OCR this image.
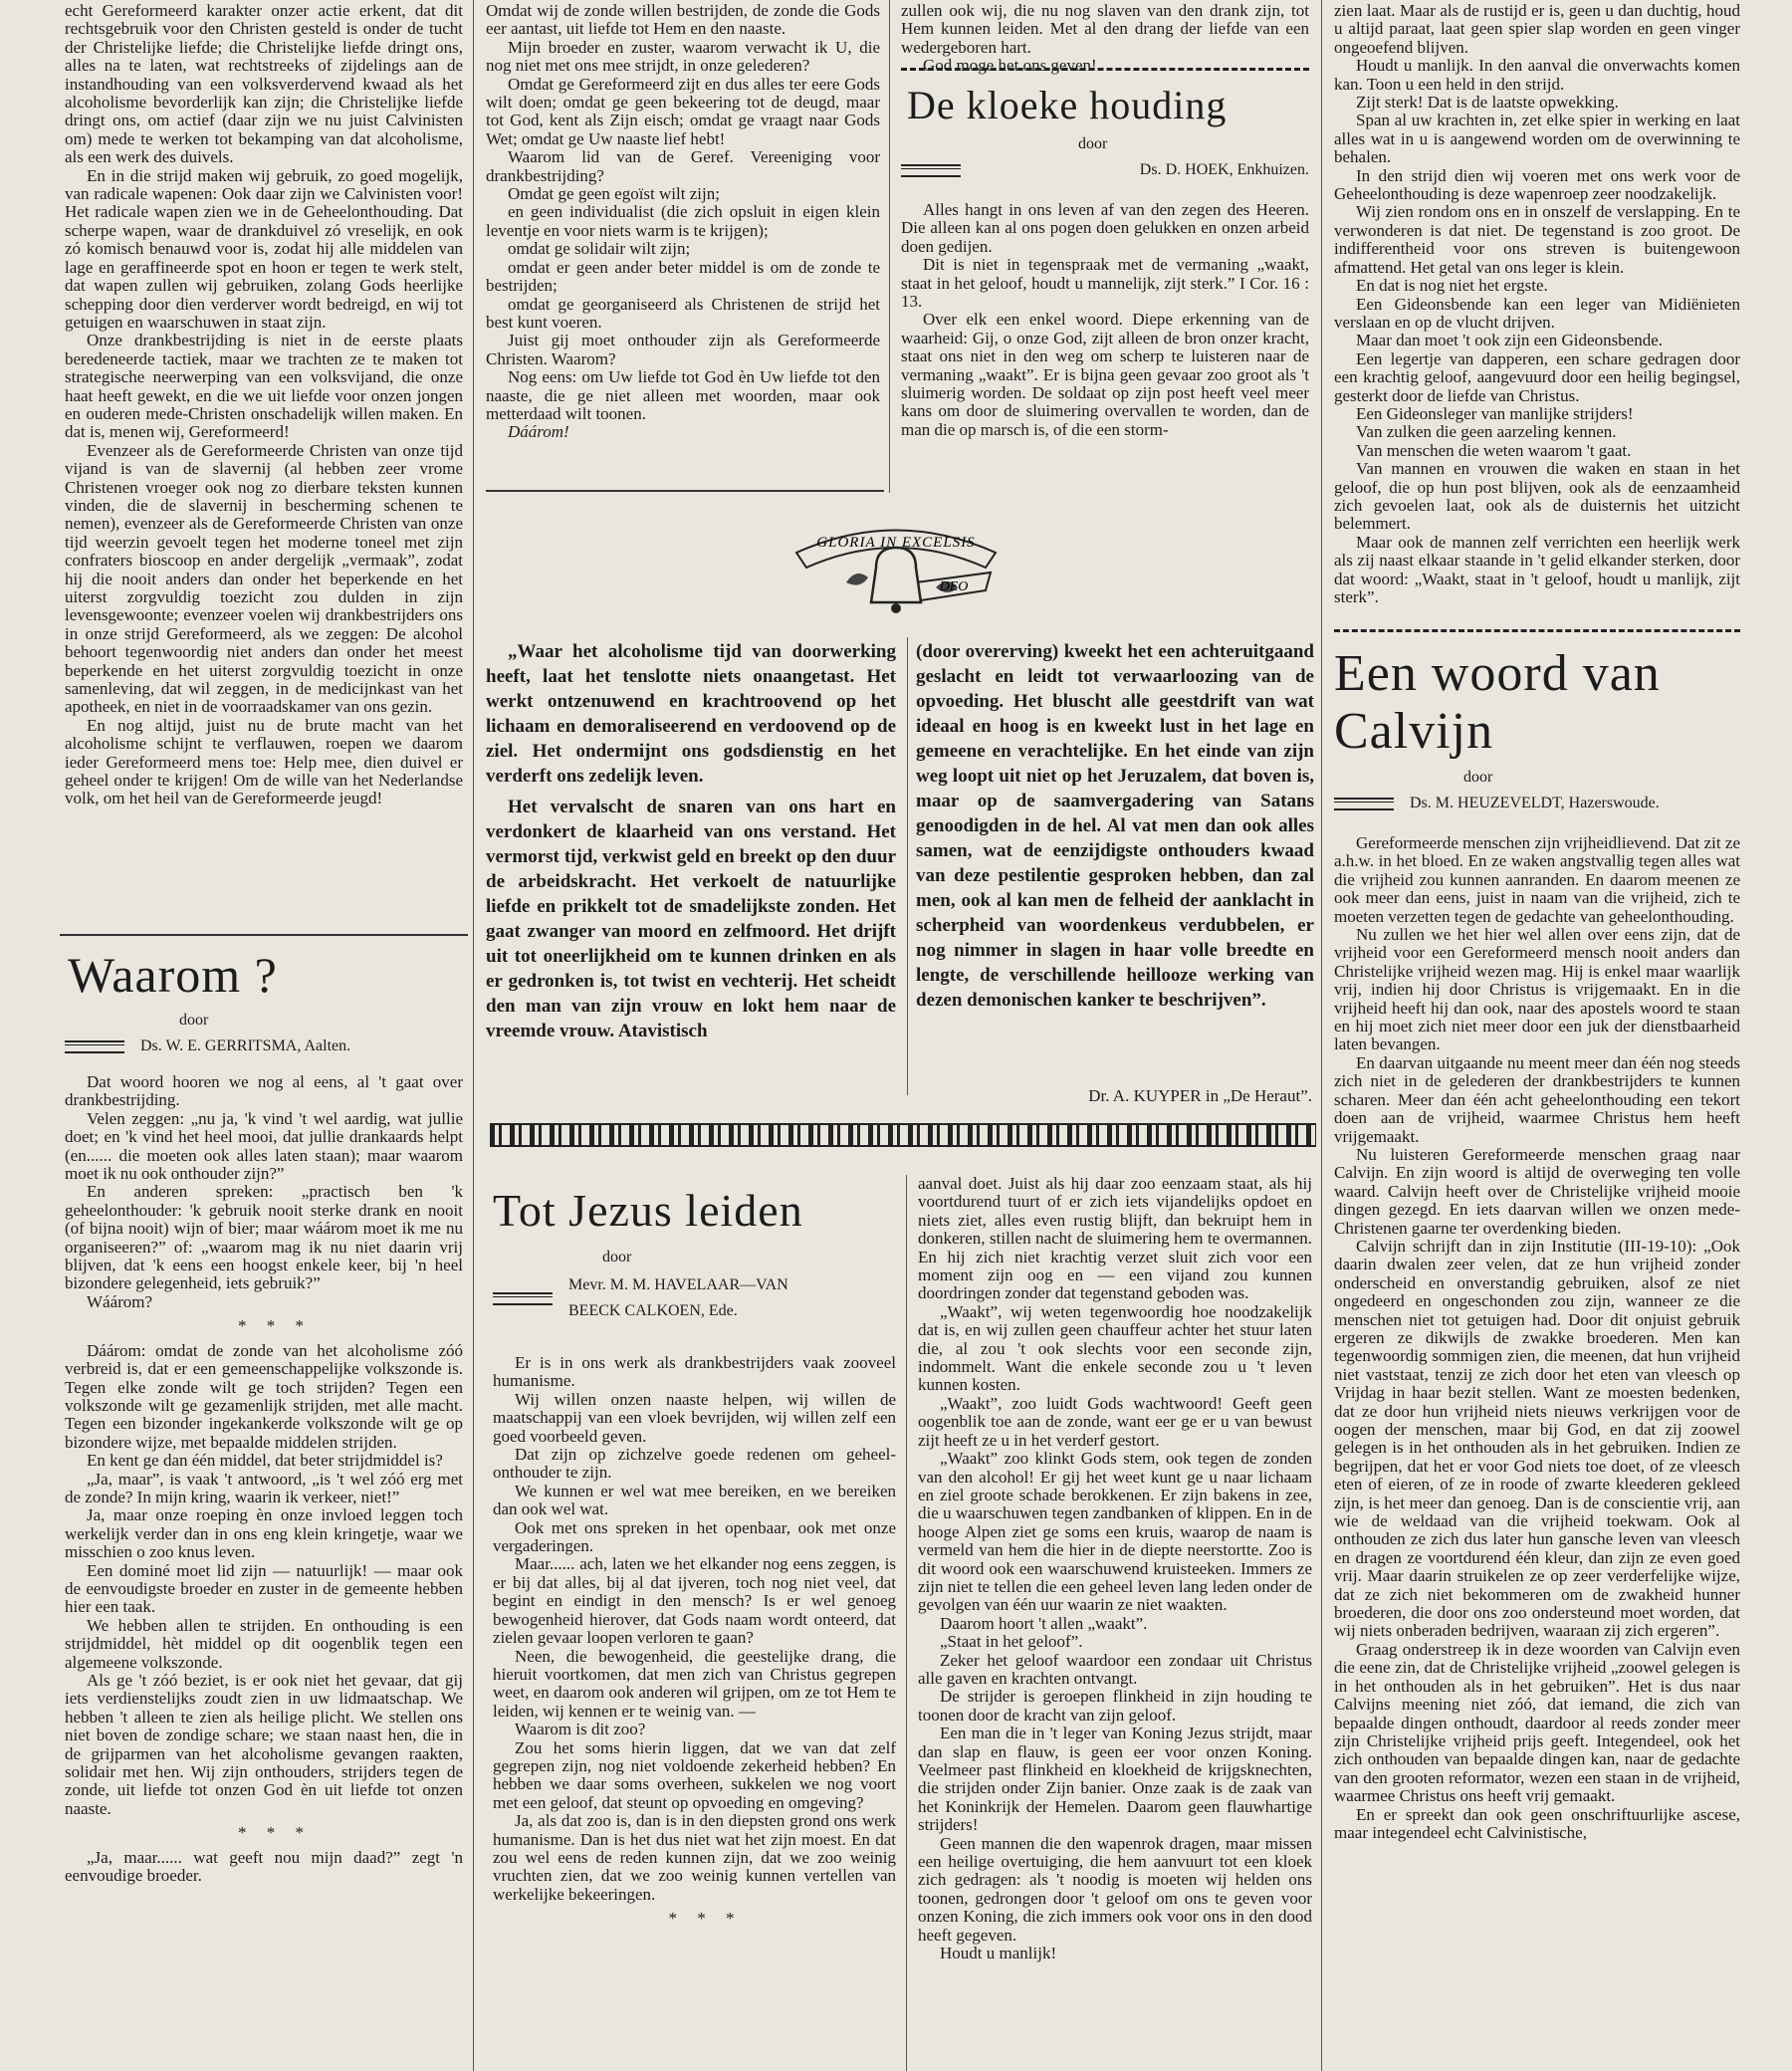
echt Gereformeerd karakter onzer actie erkent, dat dit rechtsgebruik voor den Christen gesteld is onder de tucht der Christelijke liefde; die Christelijke liefde dringt ons, alles na te laten, wat rechtstreeks of zijdelings aan de instandhouding van een volksverdervend kwaad als het alcoholisme bevorderlijk kan zijn; die Christelijke liefde dringt ons, om actief (daar zijn we nu juist Calvinisten om) mede te werken tot bekamping van dat alcoholisme, als een werk des duivels.

En in die strijd maken wij gebruik, zo goed mogelijk, van radicale wapenen: Ook daar zijn we Calvinisten voor! Het radicale wapen zien we in de Geheelonthouding. Dat scherpe wapen, waar de drankduivel zó vreselijk, en ook zó komisch benauwd voor is, zodat hij alle middelen van lage en geraffineerde spot en hoon er tegen te werk stelt, dat wapen zullen wij gebruiken, zolang Gods heerlijke schepping door dien verderver wordt bedreigd, en wij tot getuigen en waarschuwen in staat zijn.

Onze drankbestrijding is niet in de eerste plaats beredeneerde tactiek, maar we trachten ze te maken tot strategische neerwerping van een volksvijand, die onze haat heeft gewekt, en die we uit liefde voor onzen jongen en ouderen mede-Christen onschadelijk willen maken. En dat is, menen wij, Gereformeerd!

Evenzeer als de Gereformeerde Christen van onze tijd vijand is van de slavernij (al hebben zeer vrome Christenen vroeger ook nog zo dierbare teksten kunnen vinden, die de slavernij in bescherming schenen te nemen), evenzeer als de Gereformeerde Christen van onze tijd weerzin gevoelt tegen het moderne toneel met zijn confraters bioscoop en ander dergelijk „vermaak”, zodat hij die nooit anders dan onder het beperkende en het uiterst zorgvuldig toezicht zou dulden in zijn levensgewoonte; evenzeer voelen wij drankbestrijders ons in onze strijd Gereformeerd, als we zeggen: De alcohol behoort tegenwoordig niet anders dan onder het meest beperkende en het uiterst zorgvuldig toezicht in onze samenleving, dat wil zeggen, in de medicijnkast van het apotheek, en niet in de voorraadskamer van ons gezin.

En nog altijd, juist nu de brute macht van het alcoholisme schijnt te verflauwen, roepen we daarom ieder Gereformeerd mens toe: Help mee, dien duivel er geheel onder te krijgen! Om de wille van het Nederlandse volk, om het heil van de Gereformeerde jeugd!

Waarom ?
door
Ds. W. E. GERRITSMA, Aalten.

Dat woord hooren we nog al eens, al 't gaat over drankbestrijding.

Velen zeggen: „nu ja, 'k vind 't wel aardig, wat jullie doet; en 'k vind het heel mooi, dat jullie drankaards helpt (en...... die moeten ook alles laten staan); maar waarom moet ik nu ook onthouder zijn?”

En anderen spreken: „practisch ben 'k geheelonthouder: 'k gebruik nooit sterke drank en nooit (of bijna nooit) wijn of bier; maar wáárom moet ik me nu organiseeren?” of: „waarom mag ik nu niet daarin vrij blijven, dat 'k eens een hoogst enkele keer, bij 'n heel bizondere gelegenheid, iets gebruik?”

Wáárom?

* * *

Dáárom: omdat de zonde van het alcoholisme zóó verbreid is, dat er een gemeenschappelijke volkszonde is. Tegen elke zonde wilt ge toch strijden? Tegen een volkszonde wilt ge gezamenlijk strijden, met alle macht. Tegen een bizonder ingekankerde volkszonde wilt ge op bizondere wijze, met bepaalde middelen strijden.

En kent ge dan één middel, dat beter strijdmiddel is?

„Ja, maar”, is vaak 't antwoord, „is 't wel zóó erg met de zonde? In mijn kring, waarin ik verkeer, niet!”

Ja, maar onze roeping èn onze invloed leggen toch werkelijk verder dan in ons eng klein kringetje, waar we misschien o zoo knus leven.

Een dominé moet lid zijn — natuurlijk! — maar ook de eenvoudigste broeder en zuster in de gemeente hebben hier een taak.

We hebben allen te strijden. En onthouding is een strijdmiddel, hèt middel op dit oogenblik tegen een algemeene volkszonde.

Als ge 't zóó beziet, is er ook niet het gevaar, dat gij iets verdienstelijks zoudt zien in uw lidmaatschap. We hebben 't alleen te zien als heilige plicht. We stellen ons niet boven de zondige schare; we staan naast hen, die in de grijparmen van het alcoholisme gevangen raakten, solidair met hen. Wij zijn onthouders, strijders tegen de zonde, uit liefde tot onzen God èn uit liefde tot onzen naaste.

* * *

„Ja, maar...... wat geeft nou mijn daad?” zegt 'n eenvoudige broeder.

Omdat wij de zonde willen bestrijden, de zonde die Gods eer aantast, uit liefde tot Hem en den naaste.

Mijn broeder en zuster, waarom verwacht ik U, die nog niet met ons mee strijdt, in onze gelederen?

Omdat ge Gereformeerd zijt en dus alles ter eere Gods wilt doen; omdat ge geen bekeering tot de deugd, maar tot God, kent als Zijn eisch; omdat ge vraagt naar Gods Wet; omdat ge Uw naaste lief hebt!

Waarom lid van de Geref. Vereeniging voor drankbestrijding?

Omdat ge geen egoïst wilt zijn;

en geen individualist (die zich opsluit in eigen klein leventje en voor niets warm is te krijgen);

omdat ge solidair wilt zijn;

omdat er geen ander beter middel is om de zonde te bestrijden;

omdat ge georganiseerd als Christenen de strijd het best kunt voeren.

Juist gij moet onthouder zijn als Gereformeerde Christen. Waarom?

Nog eens: om Uw liefde tot God èn Uw liefde tot den naaste, die ge niet alleen met woorden, maar ook metterdaad wilt toonen.

Dáárom!

zullen ook wij, die nu nog slaven van den drank zijn, tot Hem kunnen leiden. Met al den drang der liefde van een wedergeboren hart.

God moge het ons geven!

De kloeke houding
door
Ds. D. HOEK, Enkhuizen.

Alles hangt in ons leven af van den zegen des Heeren. Die alleen kan al ons pogen doen gelukken en onzen arbeid doen gedijen.

Dit is niet in tegenspraak met de vermaning „waakt, staat in het geloof, houdt u mannelijk, zijt sterk.” I Cor. 16 : 13.

Over elk een enkel woord. Diepe erkenning van de waarheid: Gij, o onze God, zijt alleen de bron onzer kracht, staat ons niet in den weg om scherp te luisteren naar de vermaning „waakt”. Er is bijna geen gevaar zoo groot als 't sluimerig worden. De soldaat op zijn post heeft veel meer kans om door de sluimering overvallen te worden, dan de man die op marsch is, of die een storm-

zien laat. Maar als de rustijd er is, geen u dan duchtig, houd u altijd paraat, laat geen spier slap worden en geen vinger ongeoefend blijven.

Houdt u manlijk. In den aanval die onverwachts komen kan. Toon u een held in den strijd.

Zijt sterk! Dat is de laatste opwekking.

Span al uw krachten in, zet elke spier in werking en laat alles wat in u is aangewend worden om de overwinning te behalen.

In den strijd dien wij voeren met ons werk voor de Geheelonthouding is deze wapenroep zeer noodzakelijk.

Wij zien rondom ons en in onszelf de verslapping. En te verwonderen is dat niet. De tegenstand is zoo groot. De indifferentheid voor ons streven is buitengewoon afmattend. Het getal van ons leger is klein.

En dat is nog niet het ergste.

Een Gideonsbende kan een leger van Midiënieten verslaan en op de vlucht drijven.

Maar dan moet 't ook zijn een Gideonsbende.

Een legertje van dapperen, een schare gedragen door een krachtig geloof, aangevuurd door een heilig begingsel, gesterkt door de liefde van Christus.

Een Gideonsleger van manlijke strijders!

Van zulken die geen aarzeling kennen.

Van menschen die weten waarom 't gaat.

Van mannen en vrouwen die waken en staan in het geloof, die op hun post blijven, ook als de eenzaamheid zich gevoelen laat, ook als de duisternis het uitzicht belemmert.

Maar ook de mannen zelf verrichten een heerlijk werk als zij naast elkaar staande in 't gelid elkander sterken, door dat woord: „Waakt, staat in 't geloof, houdt u manlijk, zijt sterk”.

GLORIA IN EXCELSIS
DEO

„Waar het alcoholisme tijd van doorwerking heeft, laat het tenslotte niets onaangetast. Het werkt ontzenuwend en krachtroovend op het lichaam en demoraliseerend en verdoovend op de ziel. Het ondermijnt ons godsdienstig en het verderft ons zedelijk leven.

Het vervalscht de snaren van ons hart en verdonkert de klaarheid van ons verstand. Het vermorst tijd, verkwist geld en breekt op den duur de arbeidskracht. Het verkoelt de natuurlijke liefde en prikkelt tot de smadelijkste zonden. Het gaat zwanger van moord en zelfmoord. Het drijft uit tot oneerlijkheid om te kunnen drinken en als er gedronken is, tot twist en vechterij. Het scheidt den man van zijn vrouw en lokt hem naar de vreemde vrouw. Atavistisch

(door overerving) kweekt het een achteruitgaand geslacht en leidt tot verwaarloozing van de opvoeding. Het bluscht alle geestdrift van wat ideaal en hoog is en kweekt lust in het lage en gemeene en verachtelijke. En het einde van zijn weg loopt uit niet op het Jeruzalem, dat boven is, maar op de saamvergadering van Satans genoodigden in de hel. Al vat men dan ook alles samen, wat de eenzijdigste onthouders kwaad van deze pestilentie gesproken hebben, dan zal men, ook al kan men de felheid der aanklacht in scherpheid van woordenkeus verdubbelen, er nog nimmer in slagen in haar volle breedte en lengte, de verschillende heillooze werking van dezen demonischen kanker te beschrijven”.

Dr. A. KUYPER in „De Heraut”.
Een woord van
Calvijn
door
Ds. M. HEUZEVELDT, Hazerswoude.

Gereformeerde menschen zijn vrijheidlievend. Dat zit ze a.h.w. in het bloed. En ze waken angstvallig tegen alles wat die vrijheid zou kunnen aanranden. En daarom meenen ze ook meer dan eens, juist in naam van die vrijheid, zich te moeten verzetten tegen de gedachte van geheelonthouding.

Nu zullen we het hier wel allen over eens zijn, dat de vrijheid voor een Gereformeerd mensch nooit anders dan Christelijke vrijheid wezen mag. Hij is enkel maar waarlijk vrij, indien hij door Christus is vrijgemaakt. En in die vrijheid heeft hij dan ook, naar des apostels woord te staan en hij moet zich niet meer door een juk der dienstbaarheid laten bevangen.

En daarvan uitgaande nu meent meer dan één nog steeds zich niet in de gelederen der drankbestrijders te kunnen scharen. Meer dan één acht geheelonthouding een tekort doen aan de vrijheid, waarmee Christus hem heeft vrijgemaakt.

Nu luisteren Gereformeerde menschen graag naar Calvijn. En zijn woord is altijd de overweging ten volle waard. Calvijn heeft over de Christelijke vrijheid mooie dingen gezegd. En iets daarvan willen we onzen mede-Christenen gaarne ter overdenking bieden.

Calvijn schrijft dan in zijn Institutie (III-19-10): „Ook daarin dwalen zeer velen, dat ze hun vrijheid zonder onderscheid en onverstandig gebruiken, alsof ze niet ongedeerd en ongeschonden zou zijn, wanneer ze die menschen niet tot getuigen had. Door dit onjuist gebruik ergeren ze dikwijls de zwakke broederen. Men kan tegenwoordig sommigen zien, die meenen, dat hun vrijheid niet vaststaat, tenzij ze zich door het eten van vleesch op Vrijdag in haar bezit stellen. Want ze moesten bedenken, dat ze door hun vrijheid niets nieuws verkrijgen voor de oogen der menschen, maar bij God, en dat zij zoowel gelegen is in het onthouden als in het gebruiken. Indien ze begrijpen, dat het er voor God niets toe doet, of ze vleesch eten of eieren, of ze in roode of zwarte kleederen gekleed zijn, is het meer dan genoeg. Dan is de conscientie vrij, aan wie de weldaad van die vrijheid toekwam. Ook al onthouden ze zich dus later hun gansche leven van vleesch en dragen ze voortdurend één kleur, dan zijn ze even goed vrij. Maar daarin struikelen ze op zeer verderfelijke wijze, dat ze zich niet bekommeren om de zwakheid hunner broederen, die door ons zoo ondersteund moet worden, dat wij niets onberaden bedrijven, waaraan zij zich ergeren”.

Graag onderstreep ik in deze woorden van Calvijn even die eene zin, dat de Christelijke vrijheid „zoowel gelegen is in het onthouden als in het gebruiken”. Het is dus naar Calvijns meening niet zóó, dat iemand, die zich van bepaalde dingen onthoudt, daardoor al reeds zonder meer zijn Christelijke vrijheid prijs geeft. Integendeel, ook het zich onthouden van bepaalde dingen kan, naar de gedachte van den grooten reformator, wezen een staan in de vrijheid, waarmee Christus ons heeft vrij gemaakt.

En er spreekt dan ook geen onschriftuurlijke ascese, maar integendeel echt Calvinistische,

Tot Jezus leiden
door
Mevr. M. M. HAVELAAR—VAN
BEECK CALKOEN, Ede.

Er is in ons werk als drankbestrijders vaak zooveel humanisme.

Wij willen onzen naaste helpen, wij willen de maatschappij van een vloek bevrijden, wij willen zelf een goed voorbeeld geven.

Dat zijn op zichzelve goede redenen om geheel-onthouder te zijn.

We kunnen er wel wat mee bereiken, en we bereiken dan ook wel wat.

Ook met ons spreken in het openbaar, ook met onze vergaderingen.

Maar...... ach, laten we het elkander nog eens zeggen, is er bij dat alles, bij al dat ijveren, toch nog niet veel, dat begint en eindigt in den mensch? Is er wel genoeg bewogenheid hierover, dat Gods naam wordt onteerd, dat zielen gevaar loopen verloren te gaan?

Neen, die bewogenheid, die geestelijke drang, die hieruit voortkomen, dat men zich van Christus gegrepen weet, en daarom ook anderen wil grijpen, om ze tot Hem te leiden, wij kennen er te weinig van. —

Waarom is dit zoo?

Zou het soms hierin liggen, dat we van dat zelf gegrepen zijn, nog niet voldoende zekerheid hebben? En hebben we daar soms overheen, sukkelen we nog voort met een geloof, dat steunt op opvoeding en omgeving?

Ja, als dat zoo is, dan is in den diepsten grond ons werk humanisme. Dan is het dus niet wat het zijn moest. En dat zou wel eens de reden kunnen zijn, dat we zoo weinig vruchten zien, dat we zoo weinig kunnen vertellen van werkelijke bekeeringen.

* * *

aanval doet. Juist als hij daar zoo eenzaam staat, als hij voortdurend tuurt of er zich iets vijandelijks opdoet en niets ziet, alles even rustig blijft, dan bekruipt hem in donkeren, stillen nacht de sluimering hem te overmannen. En hij zich niet krachtig verzet sluit zich voor een moment zijn oog en — een vijand zou kunnen doordringen zonder dat tegenstand geboden was.

„Waakt”, wij weten tegenwoordig hoe noodzakelijk dat is, en wij zullen geen chauffeur achter het stuur laten die, al zou 't ook slechts voor een seconde zijn, indommelt. Want die enkele seconde zou u 't leven kunnen kosten.

„Waakt”, zoo luidt Gods wachtwoord! Geeft geen oogenblik toe aan de zonde, want eer ge er u van bewust zijt heeft ze u in het verderf gestort.

„Waakt” zoo klinkt Gods stem, ook tegen de zonden van den alcohol! Er gij het weet kunt ge u naar lichaam en ziel groote schade berokkenen. Er zijn bakens in zee, die u waarschuwen tegen zandbanken of klippen. En in de hooge Alpen ziet ge soms een kruis, waarop de naam is vermeld van hem die hier in de diepte neerstortte. Zoo is dit woord ook een waarschuwend kruisteeken. Immers ze zijn niet te tellen die een geheel leven lang leden onder de gevolgen van één uur waarin ze niet waakten.

Daarom hoort 't allen „waakt”.

„Staat in het geloof”.

Zeker het geloof waardoor een zondaar uit Christus alle gaven en krachten ontvangt.

De strijder is geroepen flinkheid in zijn houding te toonen door de kracht van zijn geloof.

Een man die in 't leger van Koning Jezus strijdt, maar dan slap en flauw, is geen eer voor onzen Koning. Veelmeer past flinkheid en kloekheid de krijgsknechten, die strijden onder Zijn banier. Onze zaak is de zaak van het Koninkrijk der Hemelen. Daarom geen flauwhartige strijders!

Geen mannen die den wapenrok dragen, maar missen een heilige overtuiging, die hem aanvuurt tot een kloek zich gedragen: als 't noodig is moeten wij helden ons toonen, gedrongen door 't geloof om ons te geven voor onzen Koning, die zich immers ook voor ons in den dood heeft gegeven.

Houdt u manlijk!
